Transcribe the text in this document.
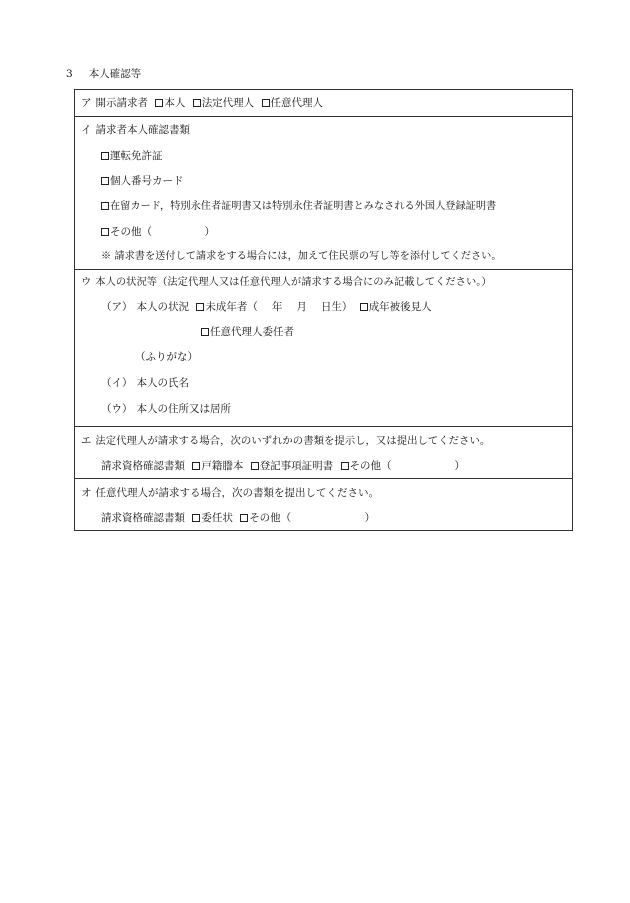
3 本人確認等
ア 開示請求者 本人 法定代理人 任意代理人
イ 請求者本人確認書類
運転免許証
個人番号カード
在留カード，特別永住者証明書又は特別永住者証明書とみなされる外国人登録証明書
その他（　　　　　）
※ 請求書を送付して請求をする場合には，加えて住民票の写し等を添付してください。
ウ 本人の状況等（法定代理人又は任意代理人が請求する場合にのみ記載してください。）
（ア） 本人の状況 未成年者（ 年 月 日生） 成年被後見人
任意代理人委任者
（ふりがな）
（イ） 本人の氏名
（ウ） 本人の住所又は居所
エ 法定代理人が請求する場合，次のいずれかの書類を提示し，又は提出してください。
請求資格確認書類 戸籍謄本 登記事項証明書 その他（　　　　　　）
オ 任意代理人が請求する場合，次の書類を提出してください。
請求資格確認書類 委任状 その他（　　　　　　　）
